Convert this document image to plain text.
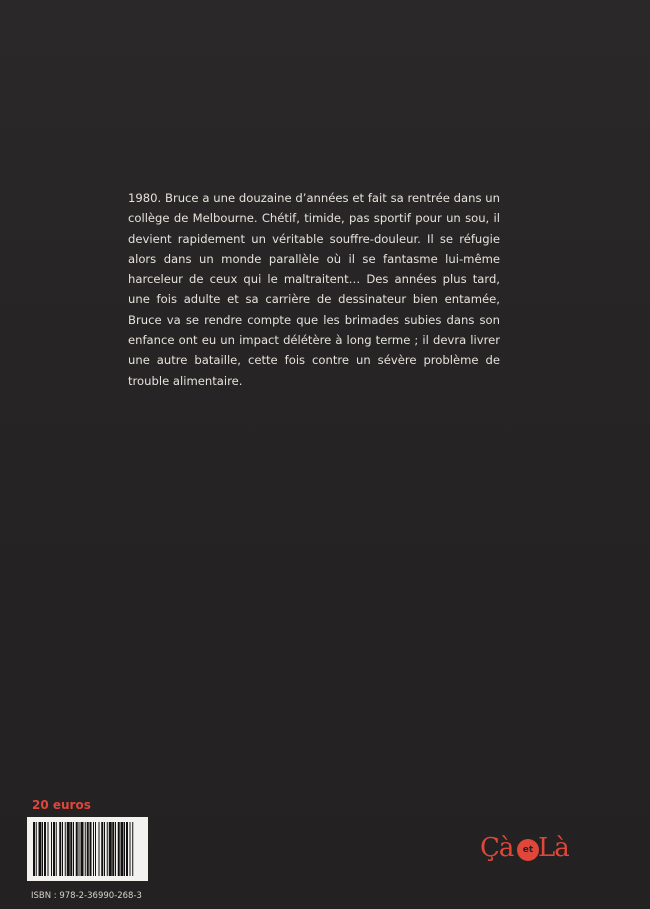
1980. Bruce a une douzaine d’années et fait sa rentrée dans un collège de Melbourne. Chétif, timide, pas sportif pour un sou, il devient rapidement un véritable souffre-douleur. Il se réfugie alors dans un monde parallèle où il se fantasme lui-même harceleur de ceux qui le maltraitent… Des années plus tard, une fois adulte et sa carrière de dessinateur bien entamée, Bruce va se rendre compte que les brimades subies dans son enfance ont eu un impact délétère à long terme ; il devra livrer une autre bataille, cette fois contre un sévère problème de trouble alimentaire.

20 euros

ISBN : 978-2-36990-268-3

Çà	et Là
